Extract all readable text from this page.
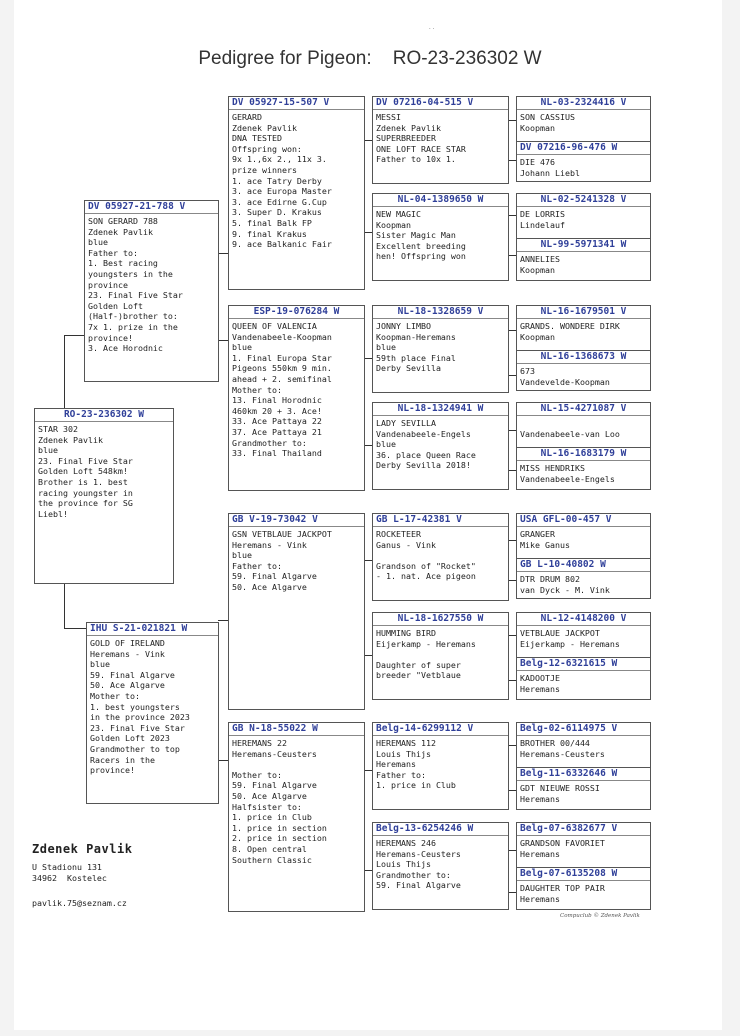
..
Pedigree for Pigeon:    RO-23-236302 W
RO-23-236302 W
STAR 302
Zdenek Pavlik
blue
23. Final Five Star
Golden Loft 548km!
Brother is 1. best
racing youngster in
the province for SG
Liebl!
DV 05927-21-788 V
SON GERARD 788
Zdenek Pavlik
blue
Father to:
1. Best racing
youngsters in the
province
23. Final Five Star
Golden Loft
(Half-)brother to:
7x 1. prize in the
province!
3. Ace Horodnic
IHU S-21-021821 W
GOLD OF IRELAND
Heremans - Vink
blue
59. Final Algarve
50. Ace Algarve
Mother to:
1. best youngsters
in the province 2023
23. Final Five Star
Golden Loft 2023
Grandmother to top
Racers in the
province!
DV 05927-15-507 V
GERARD
Zdenek Pavlik
DNA TESTED
Offspring won:
9x 1.,6x 2., 11x 3.
prize winners
1. ace Tatry Derby
3. ace Europa Master
3. ace Edirne G.Cup
3. Super D. Krakus
5. final Balk FP
9. final Krakus
9. ace Balkanic Fair
ESP-19-076284 W
QUEEN OF VALENCIA
Vandenabeele-Koopman
blue
1. Final Europa Star
Pigeons 550km 9 min.
ahead + 2. semifinal
Mother to:
13. Final Horodnic
460km 20 + 3. Ace!
33. Ace Pattaya 22
37. Ace Pattaya 21
Grandmother to:
33. Final Thailand
GB V-19-73042 V
GSN VETBLAUE JACKPOT
Heremans - Vink
blue
Father to:
59. Final Algarve
50. Ace Algarve
GB N-18-55022 W
HEREMANS 22
Heremans-Ceusters

Mother to:
59. Final Algarve
50. Ace Algarve
Halfsister to:
1. price in Club
1. price in section
2. price in section
8. Open central
Southern Classic
DV 07216-04-515 V
MESSI
Zdenek Pavlik
SUPERBREEDER
ONE LOFT RACE STAR
Father to 10x 1.
NL-04-1389650 W
NEW MAGIC
Koopman
Sister Magic Man
Excellent breeding
hen! Offspring won
NL-18-1328659 V
JONNY LIMBO
Koopman-Heremans
blue
59th place Final
Derby Sevilla
NL-18-1324941 W
LADY SEVILLA
Vandenabeele-Engels
blue
36. place Queen Race
Derby Sevilla 2018!
GB L-17-42381 V
ROCKETEER
Ganus - Vink

Grandson of "Rocket"
- 1. nat. Ace pigeon
NL-18-1627550 W
HUMMING BIRD
Eijerkamp - Heremans

Daughter of super
breeder "Vetblaue
Belg-14-6299112 V
HEREMANS 112
Louis Thijs
Heremans
Father to:
1. price in Club
Belg-13-6254246 W
HEREMANS 246
Heremans-Ceusters
Louis Thijs
Grandmother to:
59. Final Algarve
NL-03-2324416 V
SON CASSIUS
Koopman
DV 07216-96-476 W
DIE 476
Johann Liebl
NL-02-5241328 V
DE LORRIS
Lindelauf
NL-99-5971341 W
ANNELIES
Koopman
NL-16-1679501 V
GRANDS. WONDERE DIRK
Koopman
NL-16-1368673 W
673
Vandevelde-Koopman
NL-15-4271087 V

Vandenabeele-van Loo
NL-16-1683179 W
MISS HENDRIKS
Vandenabeele-Engels
USA GFL-00-457 V
GRANGER
Mike Ganus
GB L-10-40802 W
DTR DRUM 802
van Dyck - M. Vink
NL-12-4148200 V
VETBLAUE JACKPOT
Eijerkamp - Heremans
Belg-12-6321615 W
KADOOTJE
Heremans
Belg-02-6114975 V
BROTHER 00/444
Heremans-Ceusters
Belg-11-6332646 W
GDT NIEUWE ROSSI
Heremans
Belg-07-6382677 V
GRANDSON FAVORIET
Heremans
Belg-07-6135208 W
DAUGHTER TOP PAIR
Heremans
Zdenek Pavlik
U Stadionu 131
34962  Kostelec
pavlik.75@seznam.cz
Compuclub © Zdenek Pavlik
